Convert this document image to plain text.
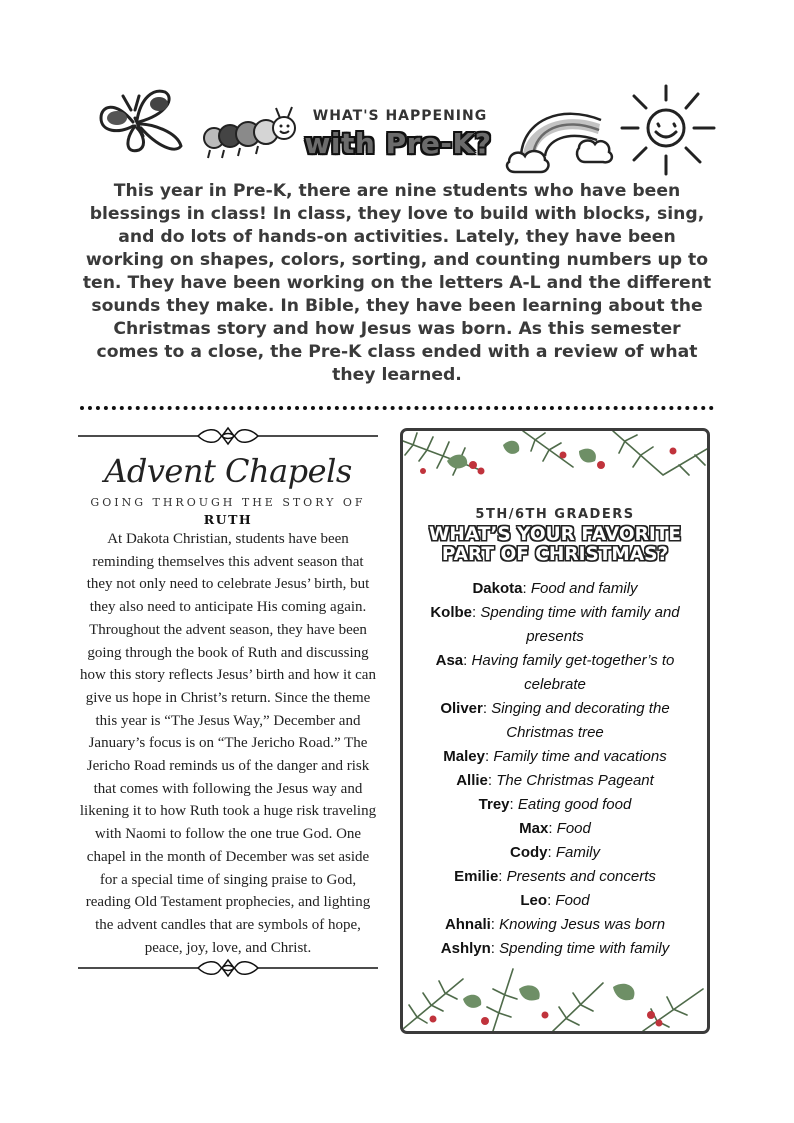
WHAT'S HAPPENING
with Pre-K?

This year in Pre-K, there are nine students who have been blessings in class! In class, they love to build with blocks, sing, and do lots of hands-on activities. Lately, they have been working on shapes, colors, sorting, and counting numbers up to ten. They have been working on the letters A-L and the different sounds they make. In Bible, they have been learning about the Christmas story and how Jesus was born. As this semester comes to a close, the Pre-K class ended with a review of what they learned.

Advent Chapels
GOING THROUGH THE STORY OF
RUTH

At Dakota Christian, students have been reminding themselves this advent season that they not only need to celebrate Jesus’ birth, but they also need to anticipate His coming again. Throughout the advent season, they have been going through the book of Ruth and discussing how this story reflects Jesus’ birth and how it can give us hope in Christ’s return. Since the theme this year is “The Jesus Way,” December and January’s focus is on “The Jericho Road.” The Jericho Road reminds us of the danger and risk that comes with following the Jesus way and likening it to how Ruth took a huge risk traveling with Naomi to follow the one true God. One chapel in the month of December was set aside for a special time of singing praise to God, reading Old Testament prophecies, and lighting the advent candles that are symbols of hope, peace, joy, love, and Christ.

5TH/6TH GRADERS
WHAT’S YOUR FAVORITE PART OF CHRISTMAS?
Dakota: Food and family
Kolbe: Spending time with family and presents
Asa: Having family get-together’s to celebrate
Oliver: Singing and decorating the Christmas tree
Maley: Family time and vacations
Allie: The Christmas Pageant
Trey: Eating good food
Max: Food
Cody: Family
Emilie: Presents and concerts
Leo: Food
Ahnali: Knowing Jesus was born
Ashlyn: Spending time with family
